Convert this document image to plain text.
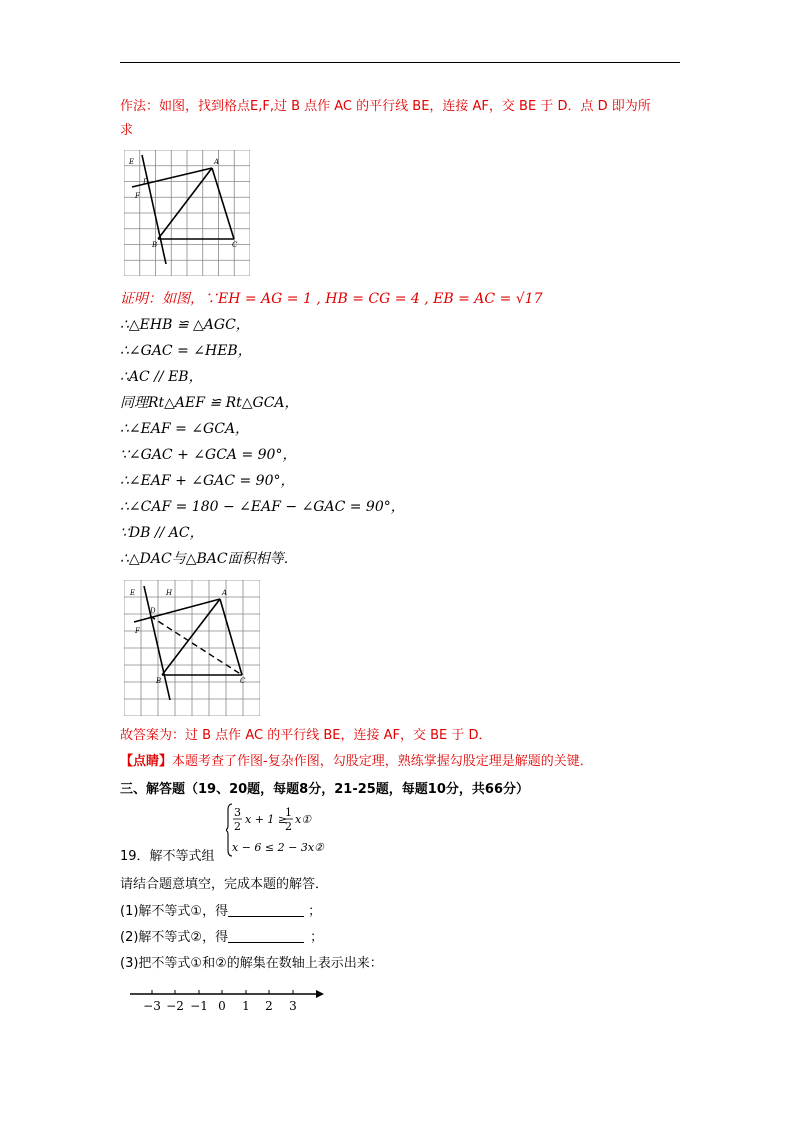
作法：如图，找到格点E,F,过 B 点作 AC 的平行线 BE，连接 AF，交 BE 于 D．点 D 即为所
求
E
F
D
A
B	C
证明：如图，∵EH = AG = 1 , HB = CG = 4 , EB = AC = √17
∴△EHB ≌ △AGC，
∴∠GAC = ∠HEB，
∴AC // EB，
同理Rt△AEF ≌ Rt△GCA，
∴∠EAF = ∠GCA，
∵∠GAC + ∠GCA = 90°，
∴∠EAF + ∠GAC = 90°，
∴∠CAF = 180 − ∠EAF − ∠GAC = 90°，
∵DB // AC，
∴△DAC与△BAC面积相等．
E	H	A
D
F
B	C
故答案为：过 B 点作 AC 的平行线 BE，连接 AF，交 BE 于 D．
【点睛】本题考查了作图-复杂作图，勾股定理，熟练掌握勾股定理是解题的关键．
三、解答题（19、20题，每题8分，21-25题，每题10分，共66分）
19．解不等式组
3
2
x + 1 ≥
1
2
x①
x − 6 ≤ 2 − 3x②
请结合题意填空，完成本题的解答．
(1)解不等式①，得	；
(2)解不等式②，得	；
(3)把不等式①和②的解集在数轴上表示出来：
−3 −2 −1 0 1 2 3
